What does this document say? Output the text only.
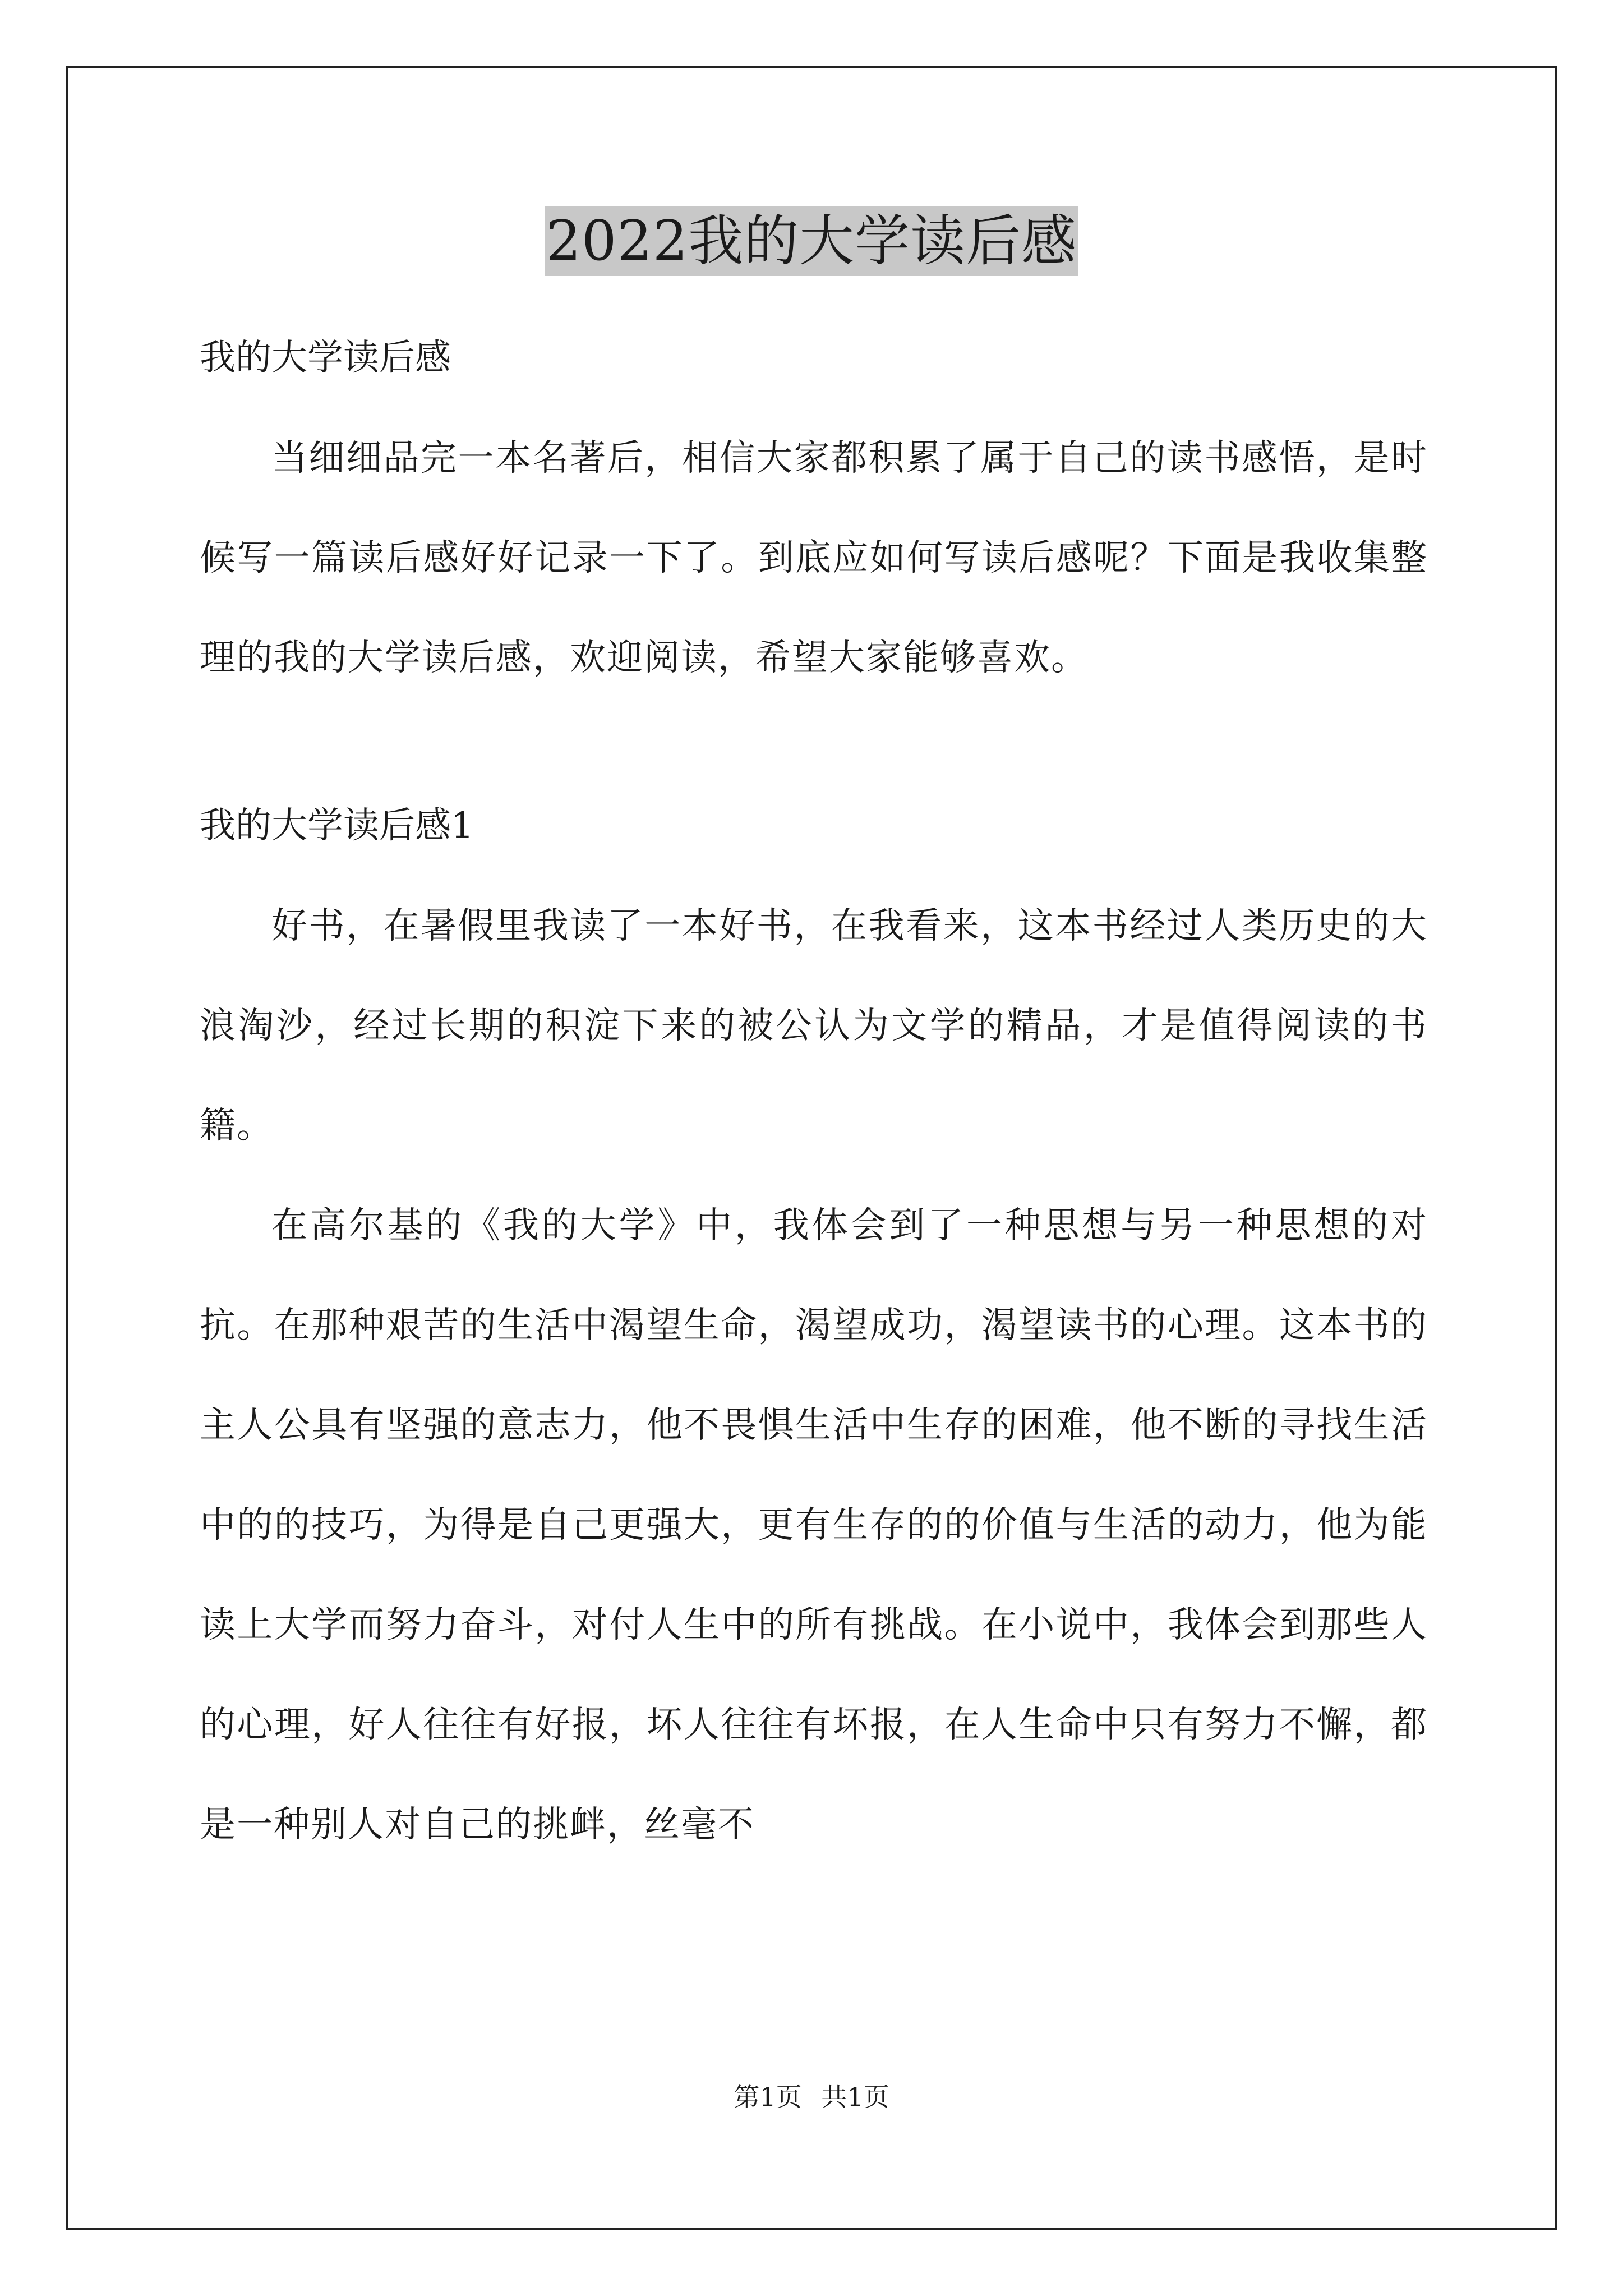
2022我的大学读后感

我的大学读后感

当细细品完一本名著后，相信大家都积累了属于自己的读书感悟，是时候写一篇读后感好好记录一下了。到底应如何写读后感呢？下面是我收集整理的我的大学读后感，欢迎阅读，希望大家能够喜欢。

我的大学读后感1

好书，在暑假里我读了一本好书，在我看来，这本书经过人类历史的大浪淘沙，经过长期的积淀下来的被公认为文学的精品，才是值得阅读的书籍。

在高尔基的《我的大学》中，我体会到了一种思想与另一种思想的对抗。在那种艰苦的生活中渴望生命，渴望成功，渴望读书的心理。这本书的主人公具有坚强的意志力，他不畏惧生活中生存的困难，他不断的寻找生活中的的技巧，为得是自己更强大，更有生存的的价值与生活的动力，他为能读上大学而努力奋斗，对付人生中的所有挑战。在小说中，我体会到那些人的心理，好人往往有好报，坏人往往有坏报，在人生命中只有努力不懈，都是一种别人对自己的挑衅，丝毫不

第1页 共1页
